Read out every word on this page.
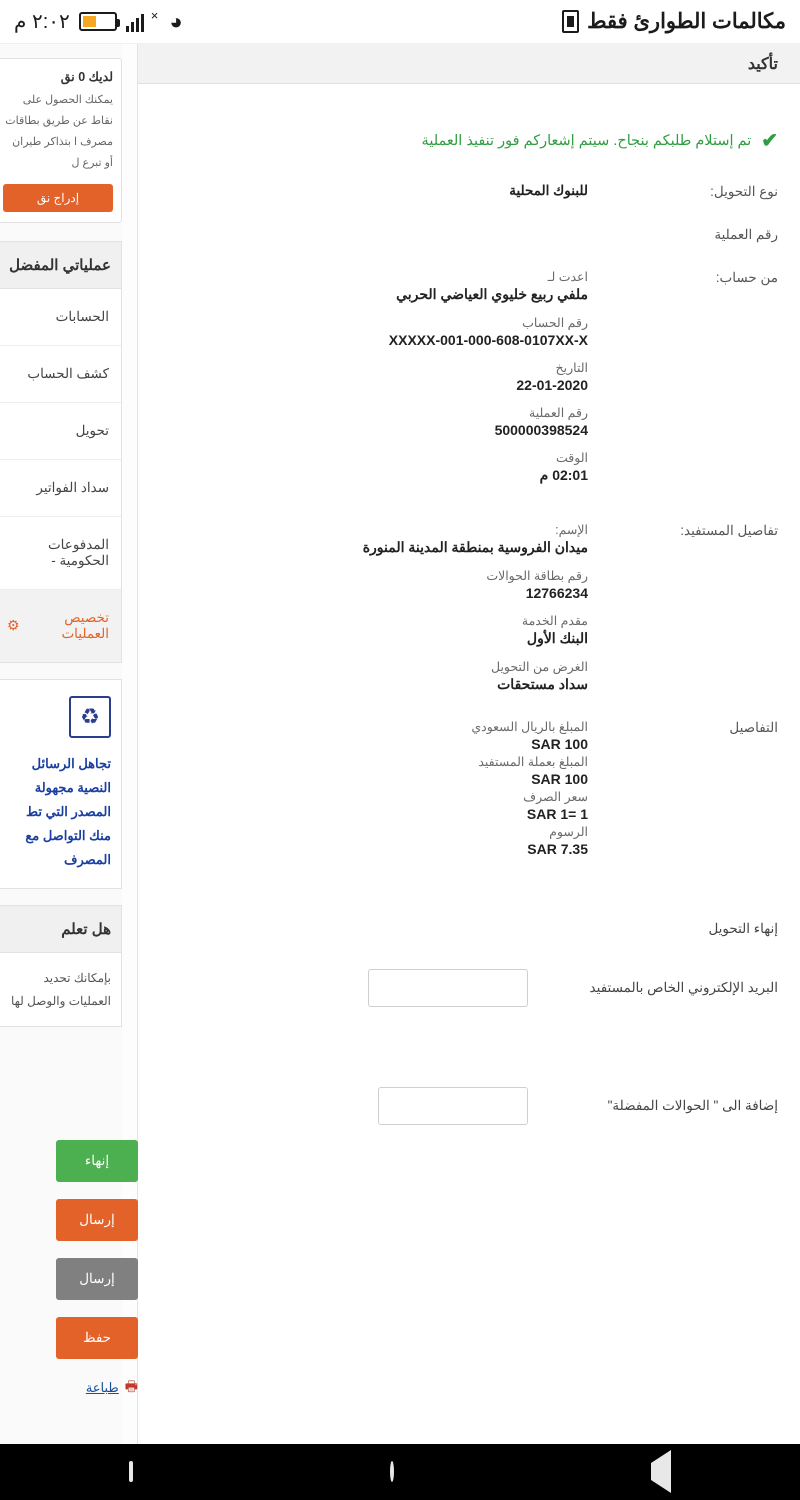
مكالمات الطوارئ فقط
٢:٠٢ م	× ◕
لديك 0 نق
يمكنك الحصول على نقاط عن طريق بطاقات مصرف ا بتذاكر طيران أو تبرع ل
إدراج نق
عملياتي المفضل
الحسابات
كشف الحساب
تحويل
سداد الفواتير
المدفوعات الحكومية -
تخصيص العمليات
⚙
♻
تجاهل الرسائل النصية مجهولة المصدر التي تط منك التواصل مع المصرف
هل تعلم
بإمكانك تحديد العمليات والوصل لها
تأكيد
✔
تم إستلام طلبكم بنجاح. سيتم إشعاركم فور تنفيذ العملية
نوع التحويل:
للبنوك المحلية
رقم العملية
من حساب:
اعدت لـ
ملفي ربيع خليوي العياضي الحربي
رقم الحساب
XXXXX-001-000-608-0107XX-X
التاريخ
22-01-2020
رقم العملية
500000398524
الوقت
02:01 م
تفاصيل المستفيد:
الإسم:
ميدان الفروسية بمنطقة المدينة المنورة
رقم بطاقة الحوالات
12766234
مقدم الخدمة
البنك الأول
الغرض من التحويل
سداد مستحقات
التفاصيل
المبلغ بالريال السعودي
SAR 100
المبلغ بعملة المستفيد
SAR 100
سعر الصرف
SAR 1= 1
الرسوم
SAR 7.35
إنهاء التحويل
البريد الإلكتروني الخاص بالمستفيد
إضافة الى " الحوالات المفضلة"
إنهاء
إرسال
إرسال
حفظ
🖶
طباعة
